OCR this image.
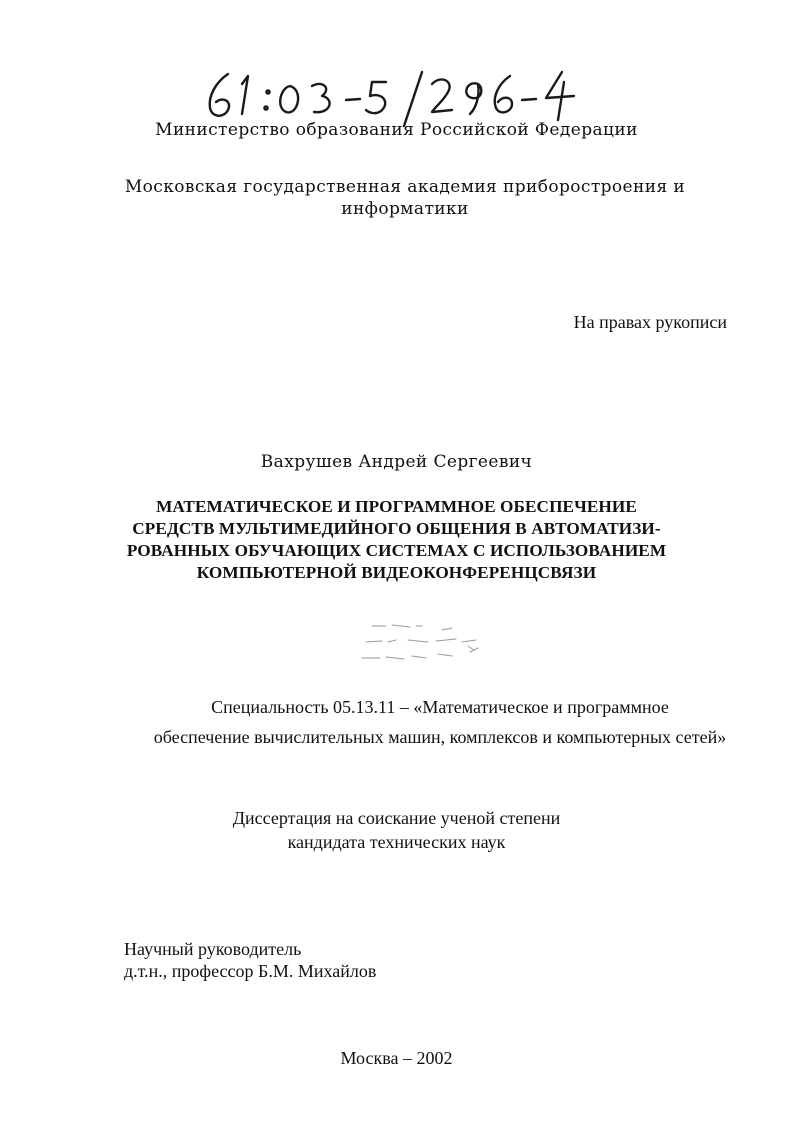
Министерство образования Российской Федерации
Московская государственная академия приборостроения и
информатики
На правах рукописи
Вахрушев Андрей Сергеевич
МАТЕМАТИЧЕСКОЕ И ПРОГРАММНОЕ ОБЕСПЕЧЕНИЕ
СРЕДСТВ МУЛЬТИМЕДИЙНОГО ОБЩЕНИЯ В АВТОМАТИЗИ-
РОВАННЫХ ОБУЧАЮЩИХ СИСТЕМАХ С ИСПОЛЬЗОВАНИЕМ
КОМПЬЮТЕРНОЙ ВИДЕОКОНФЕРЕНЦСВЯЗИ
Специальность 05.13.11 – «Математическое и программное
обеспечение вычислительных машин, комплексов и компьютерных сетей»
Диссертация на соискание ученой степени
кандидата технических наук
Научный руководитель
д.т.н., профессор Б.М. Михайлов
Москва – 2002
